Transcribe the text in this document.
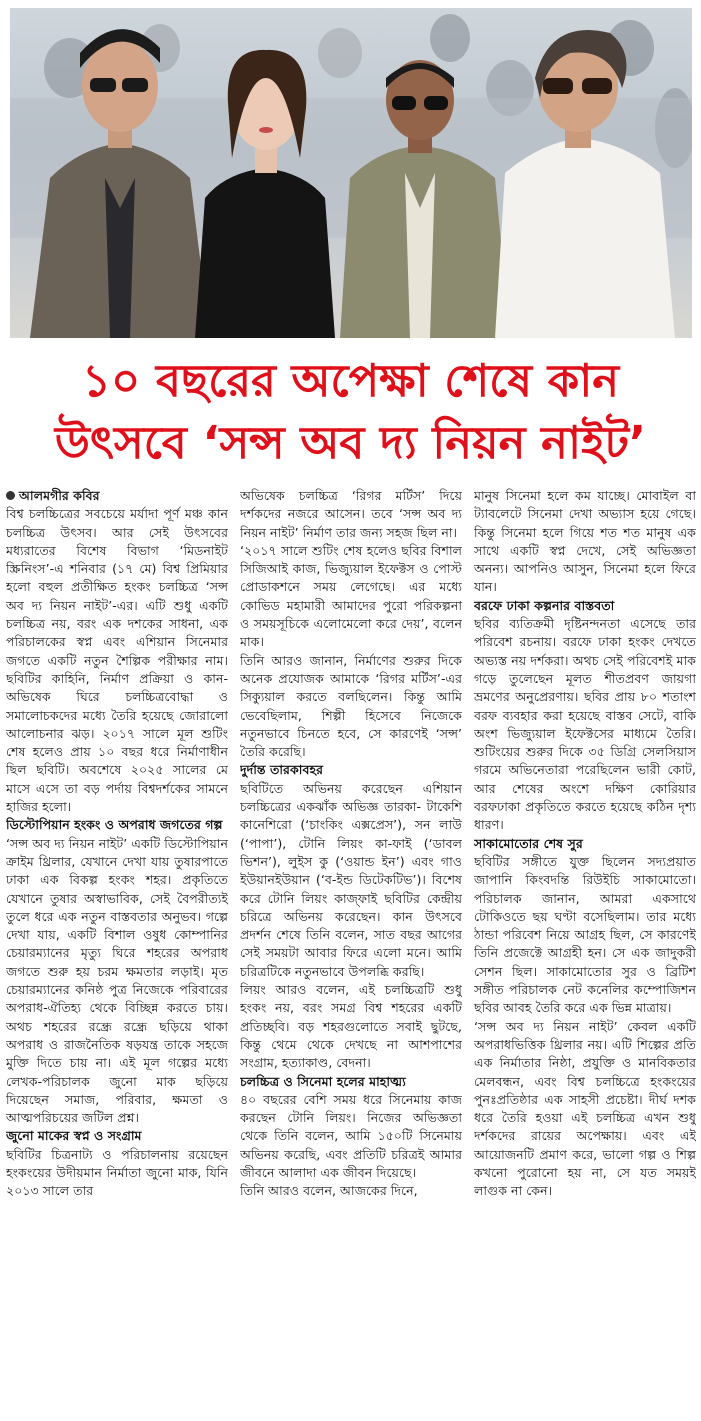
১০ বছরের অপেক্ষা শেষে কান
উৎসবে ‘সন্স অব দ্য নিয়ন নাইট’
আলমগীর কবির

বিশ্ব চলচ্চিত্রের সবচেয়ে মর্যাদা পূর্ণ মঞ্চ কান চলচ্চিত্র উৎসব। আর সেই উৎসবের মধ্যরাতের বিশেষ বিভাগ ‘মিডনাইট স্ক্রিনিংস’-এ শনিবার (১৭ মে) বিশ্ব প্রিমিয়ার হলো বহুল প্রতীক্ষিত হংকং চলচ্চিত্র ‘সন্স অব দ্য নিয়ন নাইট’-এর। এটি শুধু একটি চলচ্চিত্র নয়, বরং এক দশকের সাধনা, এক পরিচালকের স্বপ্ন এবং এশিয়ান সিনেমার জগতে একটি নতুন শৈল্পিক পরীক্ষার নাম। ছবিটির কাহিনি, নির্মাণ প্রক্রিয়া ও কান-অভিষেক ঘিরে চলচ্চিত্রবোদ্ধা ও সমালোচকদের মধ্যে তৈরি হয়েছে জোরালো আলোচনার ঝড়। ২০১৭ সালে মূল শুটিং শেষ হলেও প্রায় ১০ বছর ধরে নির্মাণাধীন ছিল ছবিটি। অবশেষে ২০২৫ সালের মে মাসে এসে তা বড় পর্দায় বিশ্বদর্শকের সামনে হাজির হলো।

ডিস্টোপিয়ান হংকং ও অপরাধ জগতের গল্প

‘সন্স অব দ্য নিয়ন নাইট’ একটি ডিস্টোপিয়ান ক্রাইম থ্রিলার, যেখানে দেখা যায় তুষারপাতে ঢাকা এক বিকল্প হংকং শহর। প্রকৃতিতে যেখানে তুষার অস্বাভাবিক, সেই বৈপরীত্যই তুলে ধরে এক নতুন বাস্তবতার অনুভব। গল্পে দেখা যায়, একটি বিশাল ওষুধ কোম্পানির চেয়ারম্যানের মৃত্যু ঘিরে শহরের অপরাধ জগতে শুরু হয় চরম ক্ষমতার লড়াই। মৃত চেয়ারম্যানের কনিষ্ঠ পুত্র নিজেকে পরিবারের অপরাধ-ঐতিহ্য থেকে বিচ্ছিন্ন করতে চায়। অথচ শহরের রন্ধ্রে রন্ধ্রে ছড়িয়ে থাকা অপরাধ ও রাজনৈতিক ষড়যন্ত্র তাকে সহজে মুক্তি দিতে চায় না। এই মূল গল্পের মধ্যে লেখক-পরিচালক জুনো মাক ছড়িয়ে দিয়েছেন সমাজ, পরিবার, ক্ষমতা ও আত্মপরিচয়ের জটিল প্রশ্ন।

জুনো মাকের স্বপ্ন ও সংগ্রাম

ছবিটির চিত্রনাট্য ও পরিচালনায় রয়েছেন হংকংয়ের উদীয়মান নির্মাতা জুনো মাক, যিনি ২০১৩ সালে তার

অভিষেক চলচ্চিত্র ‘রিগর মর্টিস’ দিয়ে দর্শকদের নজরে আসেন। তবে ‘সন্স অব দ্য নিয়ন নাইট’ নির্মাণ তার জন্য সহজ ছিল না।

‘২০১৭ সালে শুটিং শেষ হলেও ছবির বিশাল সিজিআই কাজ, ভিজ্যুয়াল ইফেক্টস ও পোস্ট প্রোডাকশনে সময় লেগেছে। এর মধ্যে কোভিড মহামারী আমাদের পুরো পরিকল্পনা ও সময়সূচিকে এলোমেলো করে দেয়’, বলেন মাক।

তিনি আরও জানান, নির্মাণের শুরুর দিকে অনেক প্রযোজক আমাকে ‘রিগর মর্টিস’-এর সিক্যুয়াল করতে বলছিলেন। কিন্তু আমি ভেবেছিলাম, শিল্পী হিসেবে নিজেকে নতুনভাবে চিনতে হবে, সে কারণেই ‘সন্স’ তৈরি করেছি।

দুর্দান্ত তারকাবহর

ছবিটিতে অভিনয় করেছেন এশিয়ান চলচ্চিত্রের একঝাঁক অভিজ্ঞ তারকা- টাকেশি কানেশিরো (‘চাংকিং এক্সপ্রেস’), সন লাউ (‘পাপা’), টোনি লিয়ং কা-ফাই (‘ডাবল ভিশন’), লুইস কু (‘ওয়ান্ড ইন’) এবং গাও ইউয়ানইউয়ান (‘ব-ইন্ড ডিটেকটিভ’)। বিশেষ করে টোনি লিয়ং কাজ্ফাই ছবিটির কেন্দ্রীয় চরিত্রে অভিনয় করেছেন। কান উৎসবে প্রদর্শন শেষে তিনি বলেন, সাত বছর আগের সেই সময়টা আবার ফিরে এলো মনে। আমি চরিত্রটিকে নতুনভাবে উপলব্ধি করছি।

লিয়ং আরও বলেন, এই চলচ্চিত্রটি শুধু হংকং নয়, বরং সমগ্র বিশ্ব শহরের একটি প্রতিচ্ছবি। বড় শহরগুলোতে সবাই ছুটছে, কিন্তু থেমে থেকে দেখছে না আশপাশের সংগ্রাম, হত্যাকাণ্ড, বেদনা।

চলচ্চিত্র ও সিনেমা হলের মাহাত্ম্য

৪০ বছরের বেশি সময় ধরে সিনেমায় কাজ করছেন টোনি লিয়ং। নিজের অভিজ্ঞতা থেকে তিনি বলেন, আমি ১৫০টি সিনেমায় অভিনয় করেছি, এবং প্রতিটি চরিত্রই আমার জীবনে আলাদা এক জীবন দিয়েছে।

তিনি আরও বলেন, আজকের দিনে,

মানুষ সিনেমা হলে কম যাচ্ছে। মোবাইল বা ট্যাবলেটে সিনেমা দেখা অভ্যাস হয়ে গেছে। কিন্তু সিনেমা হলে গিয়ে শত শত মানুষ এক সাথে একটি স্বপ্ন দেখে, সেই অভিজ্ঞতা অনন্য। আপনিও আসুন, সিনেমা হলে ফিরে যান।

বরফে ঢাকা কল্পনার বাস্তবতা

ছবির ব্যতিক্রমী দৃষ্টিনন্দনতা এসেছে তার পরিবেশ রচনায়। বরফে ঢাকা হংকং দেখতে অভ্যস্ত নয় দর্শকরা। অথচ সেই পরিবেশই মাক গড়ে তুলেছেন মূলত শীতপ্রবণ জায়গা ভ্রমণের অনুপ্রেরণায়। ছবির প্রায় ৮০ শতাংশ বরফ ব্যবহার করা হয়েছে বাস্তব সেটে, বাকি অংশ ভিজ্যুয়াল ইফেক্টসের মাধ্যমে তৈরি। শুটিংয়ের শুরুর দিকে ৩৫ ডিগ্রি সেলসিয়াস গরমে অভিনেতারা পরেছিলেন ভারী কোট, আর শেষের অংশে দক্ষিণ কোরিয়ার বরফঢাকা প্রকৃতিতে করতে হয়েছে কঠিন দৃশ্য ধারণ।

সাকামোতোর শেষ সুর

ছবিটির সঙ্গীতে যুক্ত ছিলেন সদ্যপ্রয়াত জাপানি কিংবদন্তি রিউইচি সাকামোতো। পরিচালক জানান, আমরা একসাথে টোকিওতে ছয় ঘণ্টা বসেছিলাম। তার মধ্যে ঠান্ডা পরিবেশ নিয়ে আগ্রহ ছিল, সে কারণেই তিনি প্রজেক্টে আগ্রহী হন। সে এক জাদুকরী সেশন ছিল। সাকামোতোর সুর ও ব্রিটিশ সঙ্গীত পরিচালক নেট কনেলির কম্পোজিশন ছবির আবহ তৈরি করে এক ভিন্ন মাত্রায়।

‘সন্স অব দ্য নিয়ন নাইট’ কেবল একটি অপরাধভিত্তিক থ্রিলার নয়। এটি শিল্পের প্রতি এক নির্মাতার নিষ্ঠা, প্রযুক্তি ও মানবিকতার মেলবন্ধন, এবং বিশ্ব চলচ্চিত্রে হংকংয়ের পুনঃপ্রতিষ্ঠার এক সাহসী প্রচেষ্টা। দীর্ঘ দশক ধরে তৈরি হওয়া এই চলচ্চিত্র এখন শুধু দর্শকদের রায়ের অপেক্ষায়। এবং এই আয়োজনটি প্রমাণ করে, ভালো গল্প ও শিল্প কখনো পুরোনো হয় না, সে যত সময়ই লাগুক না কেন।
